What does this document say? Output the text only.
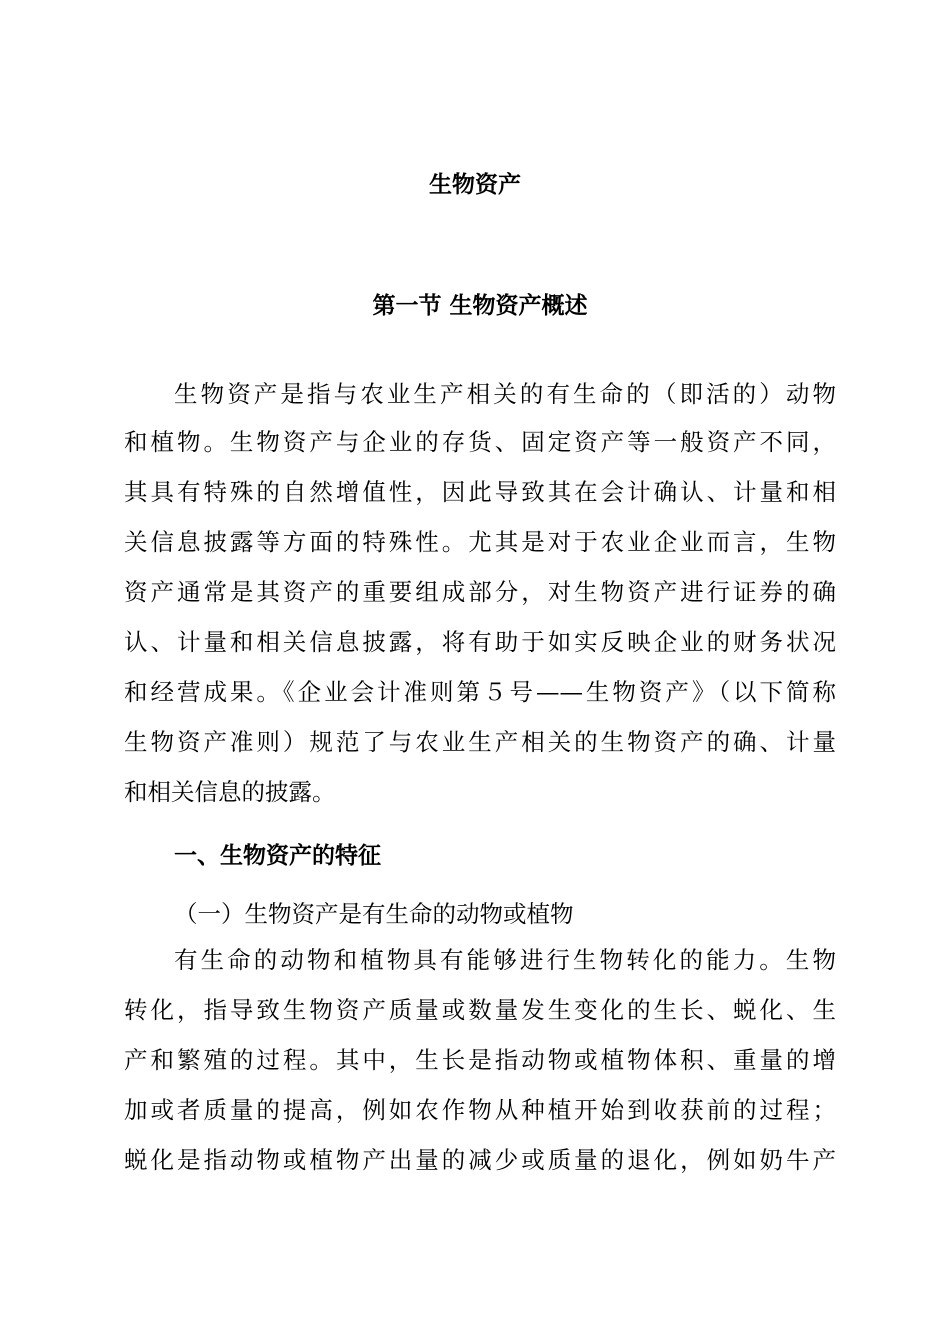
生物资产
第一节 生物资产概述
生物资产是指与农业生产相关的有生命的（即活的）动物
和植物。生物资产与企业的存货、固定资产等一般资产不同，
其具有特殊的自然增值性，因此导致其在会计确认、计量和相
关信息披露等方面的特殊性。尤其是对于农业企业而言，生物
资产通常是其资产的重要组成部分，对生物资产进行证券的确
认、计量和相关信息披露，将有助于如实反映企业的财务状况
和经营成果。《企业会计准则第５号——生物资产》（以下简称
生物资产准则）规范了与农业生产相关的生物资产的确、计量
和相关信息的披露。
一、生物资产的特征
（一）生物资产是有生命的动物或植物
有生命的动物和植物具有能够进行生物转化的能力。生物
转化，指导致生物资产质量或数量发生变化的生长、蜕化、生
产和繁殖的过程。其中，生长是指动物或植物体积、重量的增
加或者质量的提高，例如农作物从种植开始到收获前的过程；
蜕化是指动物或植物产出量的减少或质量的退化，例如奶牛产
